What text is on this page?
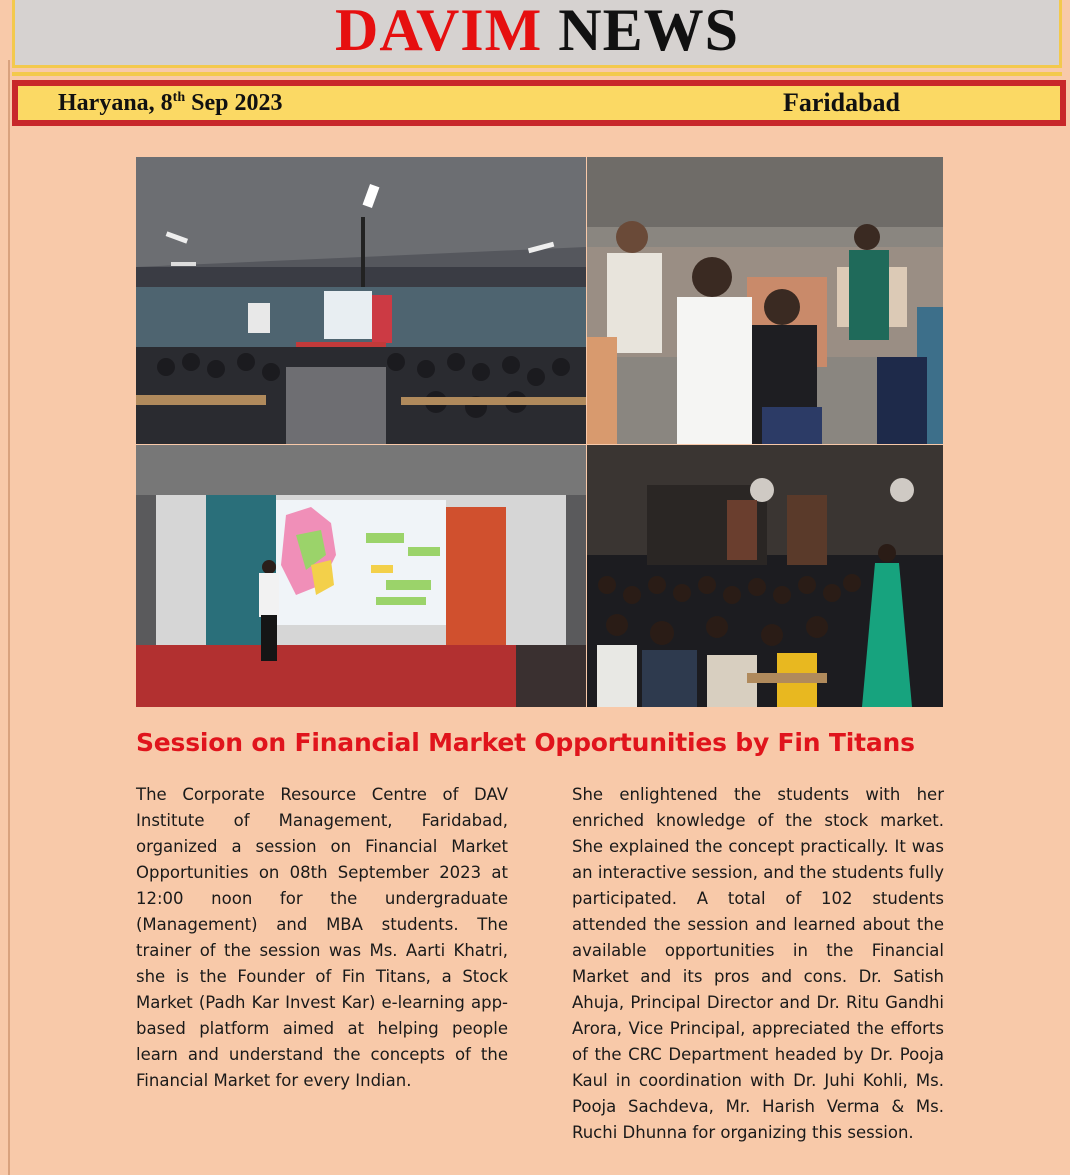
DAVIM NEWS
Haryana, 8th Sep 2023	Faridabad
Session on Financial Market Opportunities by Fin Titans

The Corporate Resource Centre of DAV Institute of Management, Faridabad, organized a session on Financial Market Opportunities on 08th September 2023 at 12:00 noon for the undergraduate (Management) and MBA students. The trainer of the session was Ms. Aarti Khatri, she is the Founder of Fin Titans, a Stock Market (Padh Kar Invest Kar) e-learning app-based platform aimed at helping people learn and understand the concepts of the Financial Market for every Indian.

She enlightened the students with her enriched knowledge of the stock market. She explained the concept practically. It was an interactive session, and the students fully participated. A total of 102 students attended the session and learned about the available opportunities in the Financial Market and its pros and cons. Dr. Satish Ahuja, Principal Director and Dr. Ritu Gandhi Arora, Vice Principal, appreciated the efforts of the CRC Department headed by Dr. Pooja Kaul in coordination with Dr. Juhi Kohli, Ms. Pooja Sachdeva, Mr. Harish Verma & Ms. Ruchi Dhunna for organizing this session.
